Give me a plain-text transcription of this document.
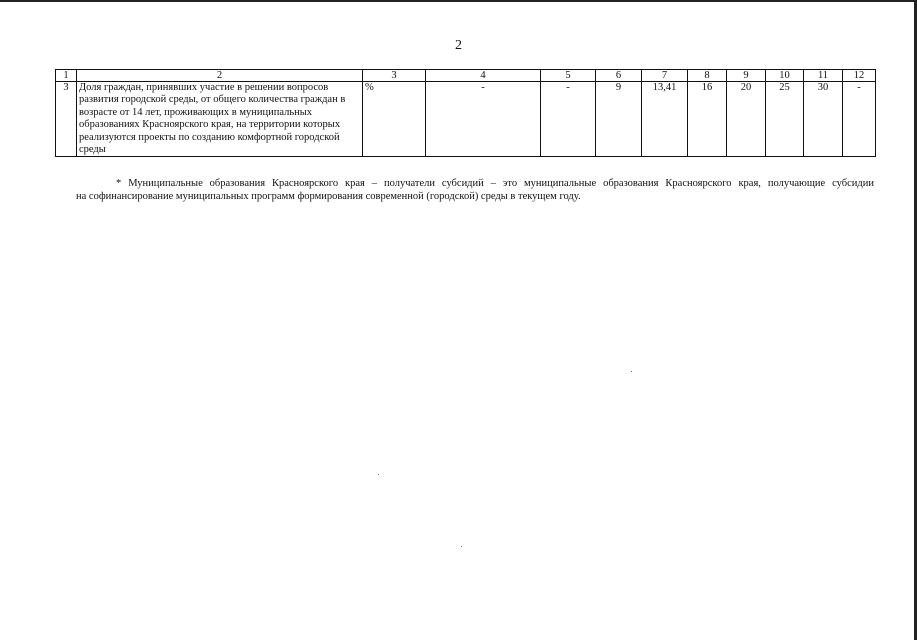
2
1	2	3	4	5	6	7	8	9	10	11	12
3	Доля граждан, принявших участие в решении вопросов развития городской среды, от общего количества граждан в возрасте от 14 лет, проживающих в муниципальных образованиях Красноярского края, на территории которых реализуются проекты по созданию комфортной городской среды	%	-	-	9	13,41	16	20	25	30	-
* Муниципальные образования Красноярского края – получатели субсидий – это муниципальные образования Красноярского края, получающие субсидии
на софинансирование муниципальных программ формирования современной (городской) среды в текущем году.
